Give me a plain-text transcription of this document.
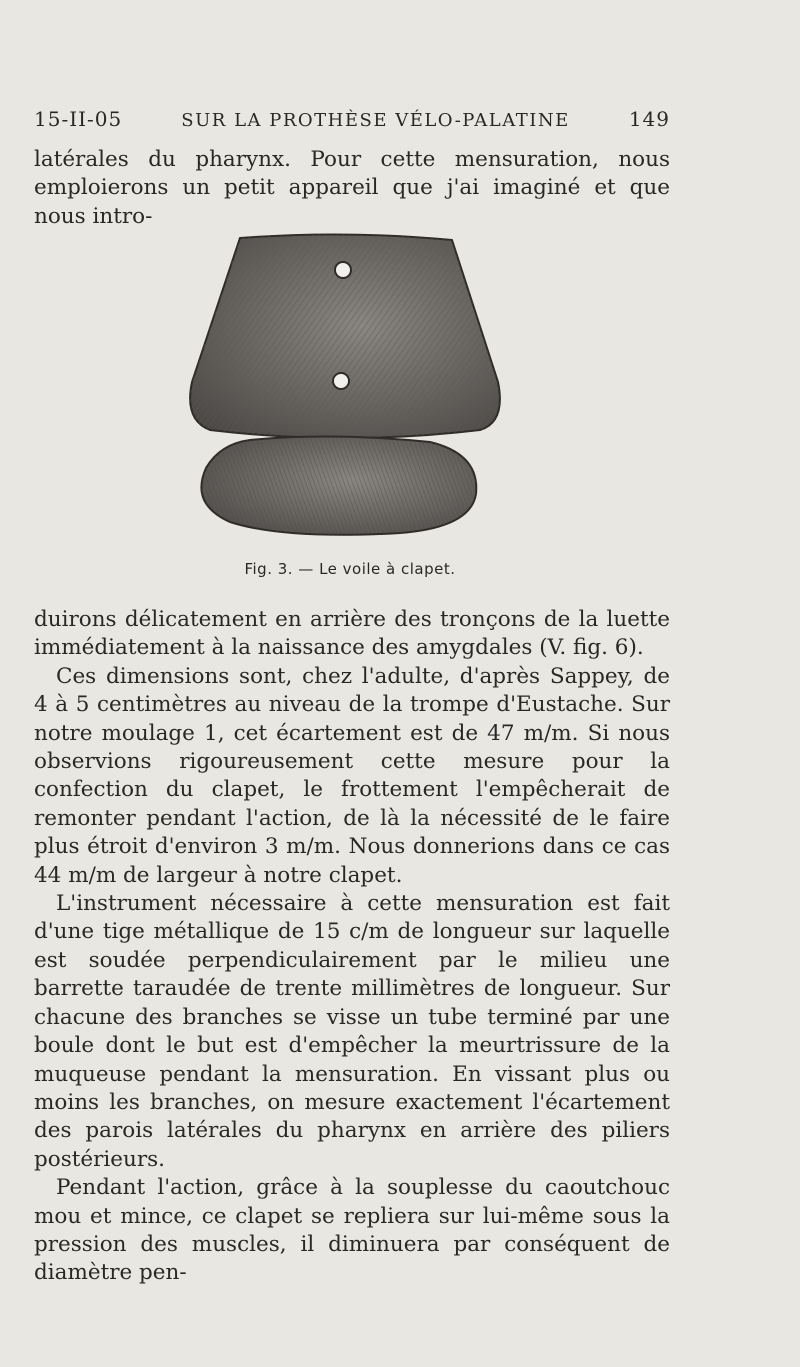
15-II-05	SUR LA PROTHÈSE VÉLO-PALATINE	149

latérales du pharynx. Pour cette mensuration, nous emploierons un petit appareil que j'ai imaginé et que nous intro-

Fig. 3. — Le voile à clapet.

duirons délicatement en arrière des tronçons de la luette immédiatement à la naissance des amygdales (V. fig. 6).

Ces dimensions sont, chez l'adulte, d'après Sappey, de 4 à 5 centimètres au niveau de la trompe d'Eustache. Sur notre moulage 1, cet écartement est de 47 m/m. Si nous observions rigoureusement cette mesure pour la confection du clapet, le frottement l'empêcherait de remonter pendant l'action, de là la nécessité de le faire plus étroit d'environ 3 m/m. Nous donnerions dans ce cas 44 m/m de largeur à notre clapet.

L'instrument nécessaire à cette mensuration est fait d'une tige métallique de 15 c/m de longueur sur laquelle est soudée perpendiculairement par le milieu une barrette taraudée de trente millimètres de longueur. Sur chacune des branches se visse un tube terminé par une boule dont le but est d'empêcher la meurtrissure de la muqueuse pendant la mensuration. En vissant plus ou moins les branches, on mesure exactement l'écartement des parois latérales du pharynx en arrière des piliers postérieurs.

Pendant l'action, grâce à la souplesse du caoutchouc mou et mince, ce clapet se repliera sur lui-même sous la pression des muscles, il diminuera par conséquent de diamètre pen-
